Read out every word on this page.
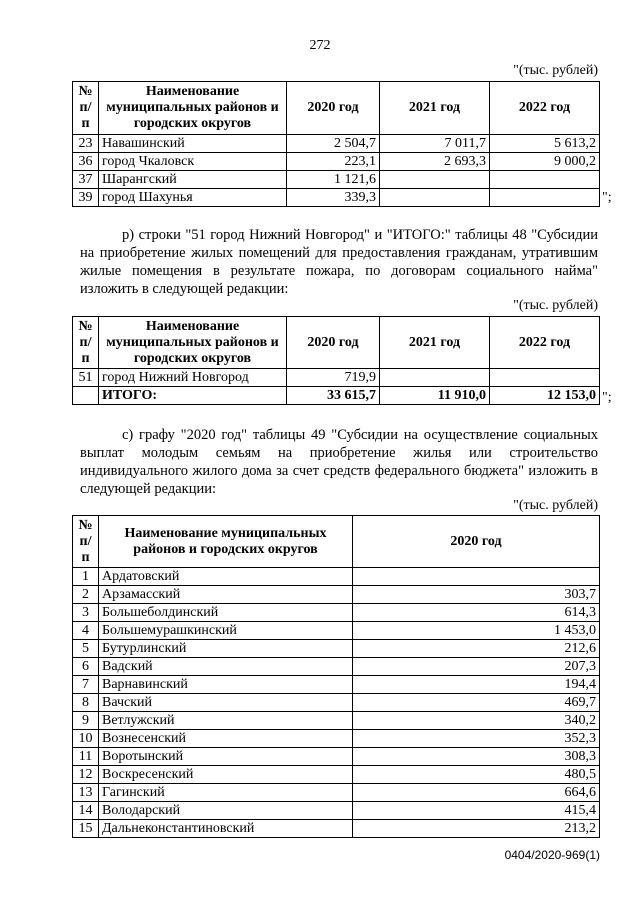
272
"(тыс. рублей)
№ п/п	Наименование муниципальных районов и городских округов	2020 год	2021 год	2022 год
23	Навашинский	2 504,7	7 011,7	5 613,2
36	город Чкаловск	223,1	2 693,3	9 000,2
37	Шарангский	1 121,6		
39	город Шахунья	339,3			";
р) строки "51 город Нижний Новгород" и "ИТОГО:" таблицы 48 "Субсидии на приобретение жилых помещений для предоставления гражданам, утратившим жилые помещения в результате пожара, по договорам социального найма" изложить в следующей редакции:
"(тыс. рублей)
№ п/п	Наименование муниципальных районов и городских округов	2020 год	2021 год	2022 год
51	город Нижний Новгород	719,9		
	ИТОГО:	33 615,7	11 910,0	12 153,0 ";
с) графу "2020 год" таблицы 49 "Субсидии на осуществление социальных выплат молодым семьям на приобретение жилья или строительство индивидуального жилого дома за счет средств федерального бюджета" изложить в следующей редакции:
"(тыс. рублей)
№ п/п	Наименование муниципальных районов и городских округов	2020 год
1	Ардатовский	
2	Арзамасский	303,7
3	Большеболдинский	614,3
4	Большемурашкинский	1 453,0
5	Бутурлинский	212,6
6	Вадский	207,3
7	Варнавинский	194,4
8	Вачский	469,7
9	Ветлужский	340,2
10	Вознесенский	352,3
11	Воротынский	308,3
12	Воскресенский	480,5
13	Гагинский	664,6
14	Володарский	415,4
15	Дальнеконстантиновский	213,2
0404/2020-969(1)
